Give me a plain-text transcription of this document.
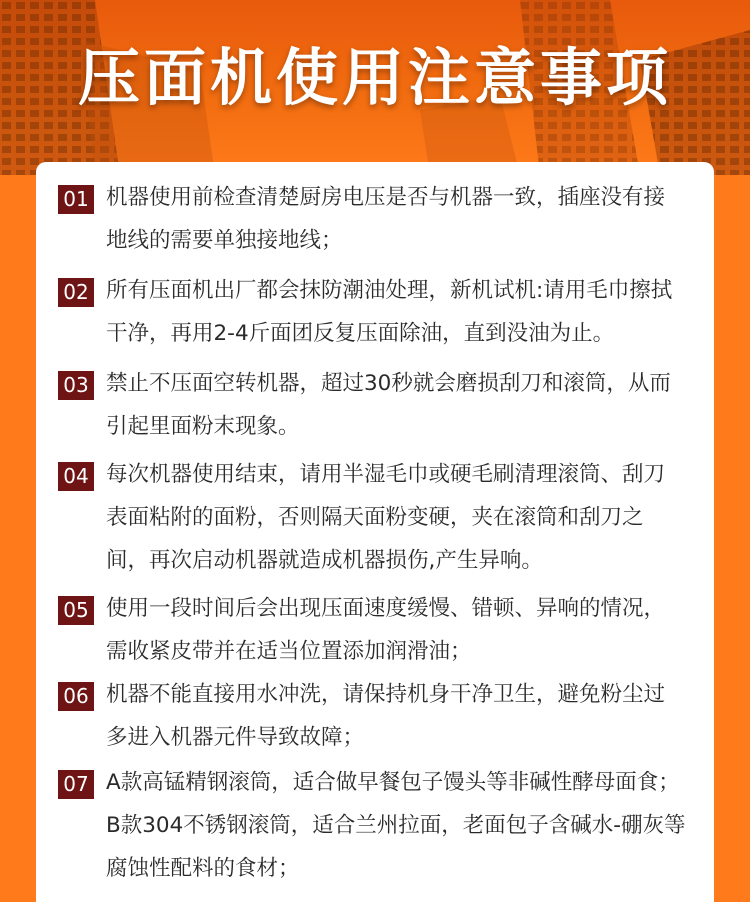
压面机使用注意事项
01 机器使用前检查清楚厨房电压是否与机器一致，插座没有接地线的需要单独接地线；
02 所有压面机出厂都会抹防潮油处理，新机试机:请用毛巾擦拭干净，再用2-4斤面团反复压面除油，直到没油为止。
03 禁止不压面空转机器，超过30秒就会磨损刮刀和滚筒，从而引起里面粉末现象。
04 每次机器使用结束，请用半湿毛巾或硬毛刷清理滚筒、刮刀表面粘附的面粉，否则隔天面粉变硬，夹在滚筒和刮刀之间，再次启动机器就造成机器损伤,产生异响。
05 使用一段时间后会出现压面速度缓慢、错顿、异响的情况，需收紧皮带并在适当位置添加润滑油；
06 机器不能直接用水冲洗，请保持机身干净卫生，避免粉尘过多进入机器元件导致故障；
07 A款高锰精钢滚筒，适合做早餐包子馒头等非碱性酵母面食；B款304不锈钢滚筒，适合兰州拉面，老面包子含碱水-硼灰等腐蚀性配料的食材；
